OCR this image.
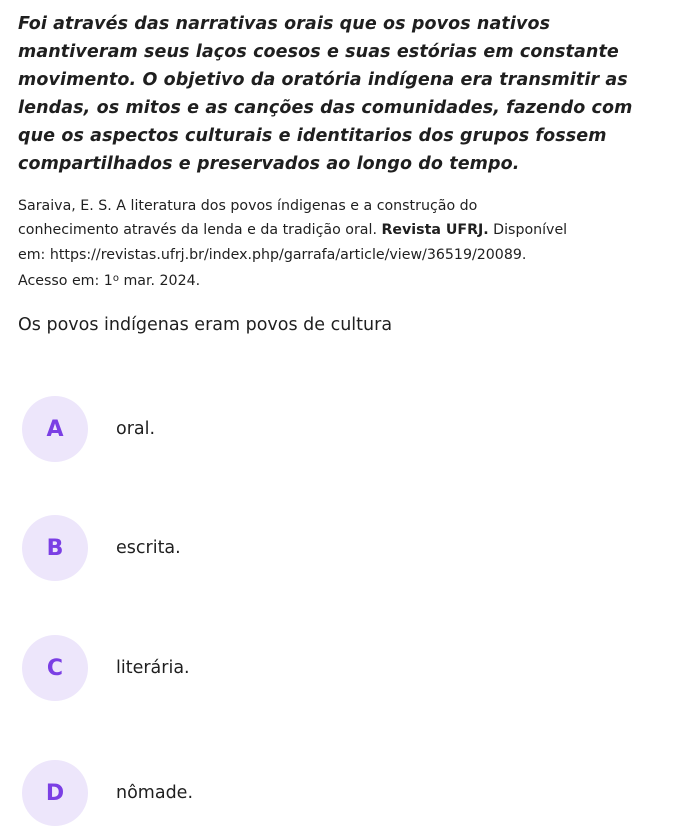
Foi através das narrativas orais que os povos nativos
mantiveram seus laços coesos e suas estórias em constante
movimento. O objetivo da oratória indígena era transmitir as
lendas, os mitos e as canções das comunidades, fazendo com
que os aspectos culturais e identitarios dos grupos fossem
compartilhados e preservados ao longo do tempo.
Saraiva, E. S. A literatura dos povos índigenas e a construção do
conhecimento através da lenda e da tradição oral. Revista UFRJ. Disponível
em: https://revistas.ufrj.br/index.php/garrafa/article/view/36519/20089.
Acesso em: 1$^o$ mar. 2024.
Os povos indígenas eram povos de cultura
A	oral.
B	escrita.
C	literária.
D	nômade.
